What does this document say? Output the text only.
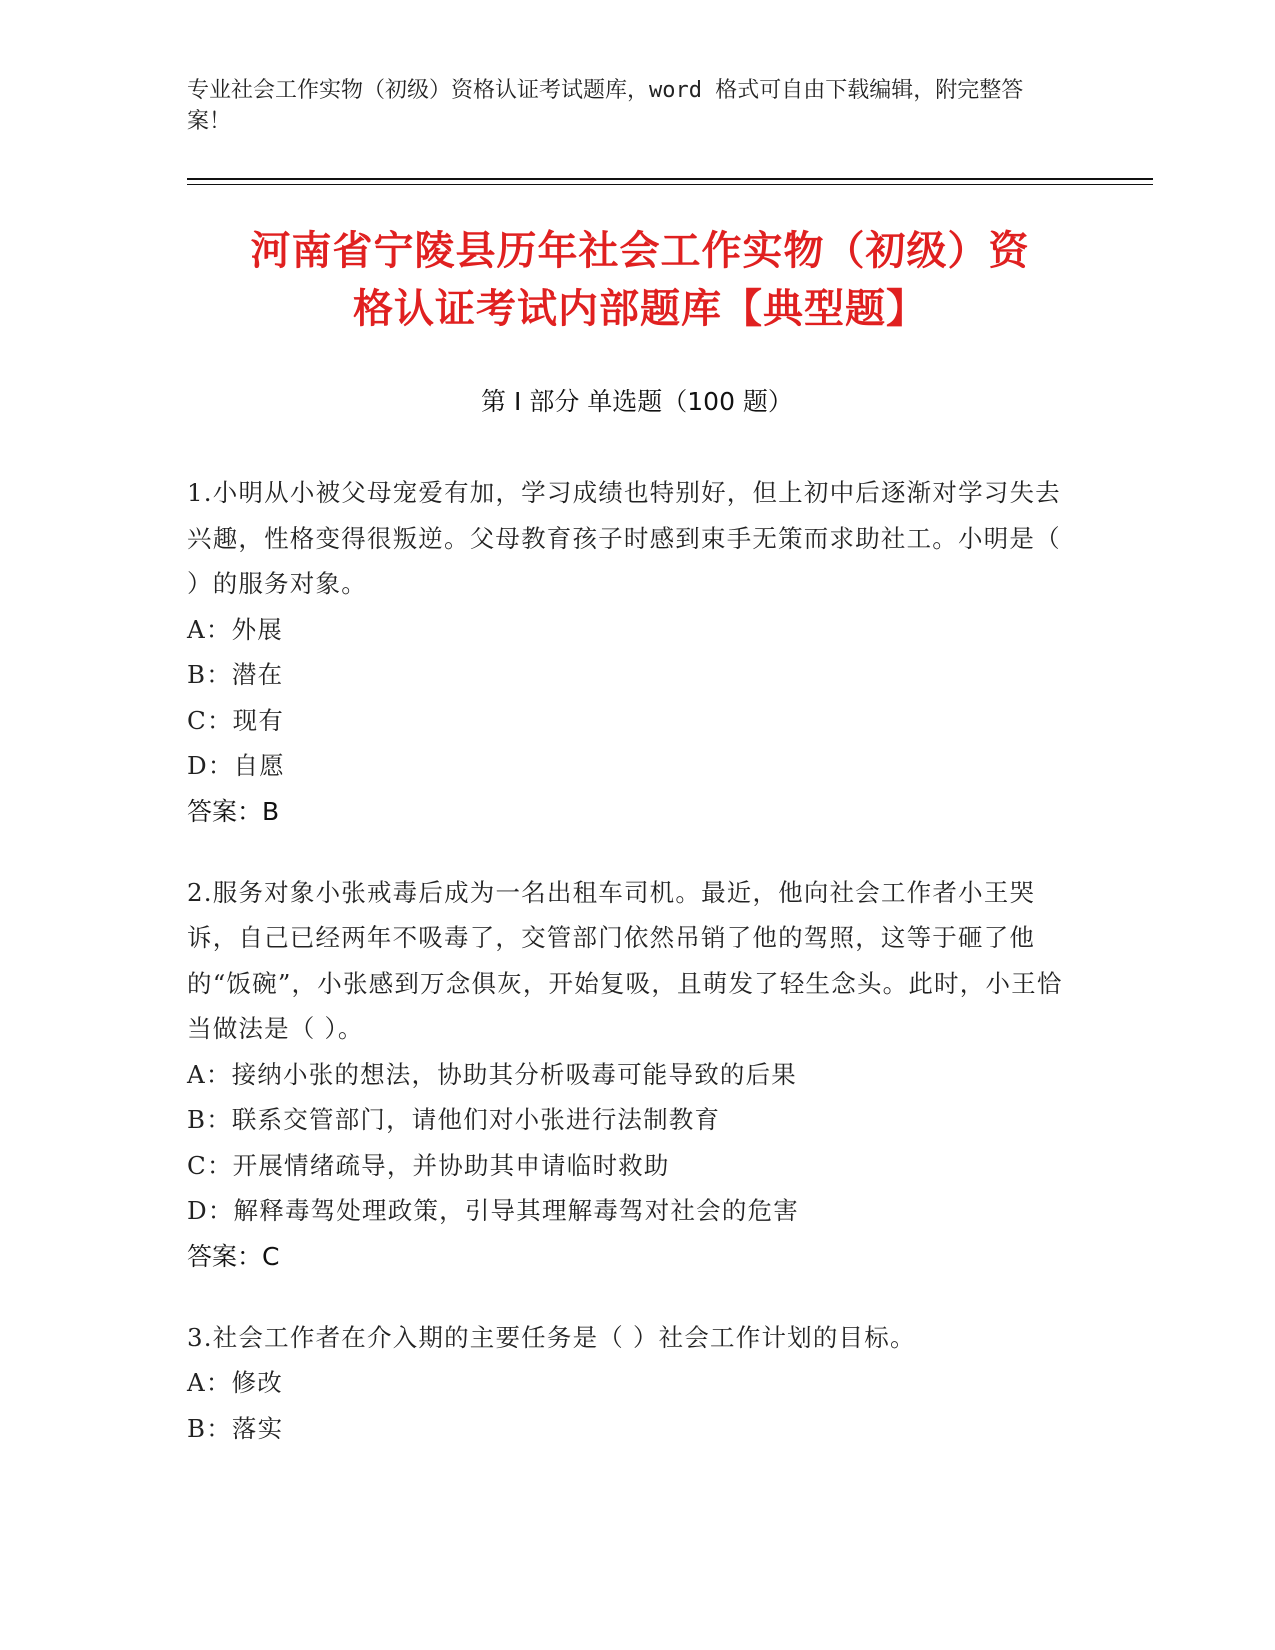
专业社会工作实物（初级）资格认证考试题库，word 格式可自由下载编辑，附完整答案！
河南省宁陵县历年社会工作实物（初级）资
格认证考试内部题库【典型题】
第 I 部分 单选题（100 题）

1.小明从小被父母宠爱有加，学习成绩也特别好，但上初中后逐渐对学习失去兴趣，性格变得很叛逆。父母教育孩子时感到束手无策而求助社工。小明是（ ）的服务对象。

A：外展

B：潜在

C：现有

D：自愿

答案：B

2.服务对象小张戒毒后成为一名出租车司机。最近，他向社会工作者小王哭诉，自己已经两年不吸毒了，交管部门依然吊销了他的驾照，这等于砸了他的“饭碗”，小张感到万念俱灰，开始复吸，且萌发了轻生念头。此时，小王恰当做法是（ ）。

A：接纳小张的想法，协助其分析吸毒可能导致的后果

B：联系交管部门，请他们对小张进行法制教育

C：开展情绪疏导，并协助其申请临时救助

D：解释毒驾处理政策，引导其理解毒驾对社会的危害

答案：C

3.社会工作者在介入期的主要任务是（ ）社会工作计划的目标。

A：修改

B：落实
